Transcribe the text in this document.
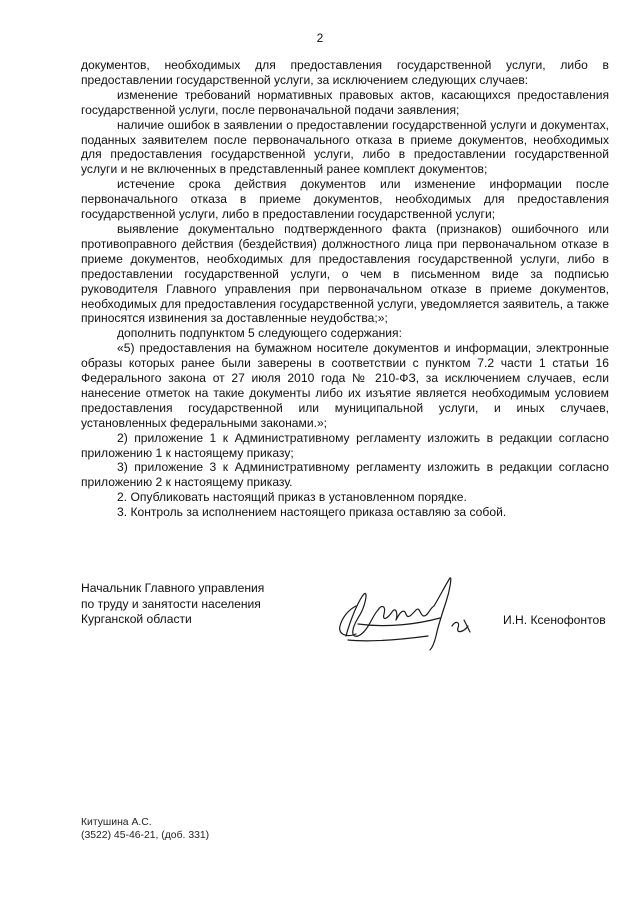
2

документов, необходимых для предоставления государственной услуги, либо в предоставлении государственной услуги, за исключением следующих случаев:

изменение требований нормативных правовых актов, касающихся предоставления государственной услуги, после первоначальной подачи заявления;

наличие ошибок в заявлении о предоставлении государственной услуги и документах, поданных заявителем после первоначального отказа в приеме документов, необходимых для предоставления государственной услуги, либо в предоставлении государственной услуги и не включенных в представленный ранее комплект документов;

истечение срока действия документов или изменение информации после первоначального отказа в приеме документов, необходимых для предоставления государственной услуги, либо в предоставлении государственной услуги;

выявление документально подтвержденного факта (признаков) ошибочного или противоправного действия (бездействия) должностного лица при первоначальном отказе в приеме документов, необходимых для предоставления государственной услуги, либо в предоставлении государственной услуги, о чем в письменном виде за подписью руководителя Главного управления при первоначальном отказе в приеме документов, необходимых для предоставления государственной услуги, уведомляется заявитель, а также приносятся извинения за доставленные неудобства;»;

дополнить подпунктом 5 следующего содержания:

«5) предоставления на бумажном носителе документов и информации, электронные образы которых ранее были заверены в соответствии с пунктом 7.2 части 1 статьи 16 Федерального закона от 27 июля 2010 года № 210-ФЗ, за исключением случаев, если нанесение отметок на такие документы либо их изъятие является необходимым условием предоставления государственной или муниципальной услуги, и иных случаев, установленных федеральными законами.»;

2) приложение 1 к Административному регламенту изложить в редакции согласно приложению 1 к настоящему приказу;

3) приложение 3 к Административному регламенту изложить в редакции согласно приложению 2 к настоящему приказу.

2. Опубликовать настоящий приказ в установленном порядке.

3. Контроль за исполнением настоящего приказа оставляю за собой.

Начальник Главного управления
по труду и занятости населения
Курганской области	И.Н. Ксенофонтов
Китушина А.С.
(3522) 45-46-21, (доб. 331)
